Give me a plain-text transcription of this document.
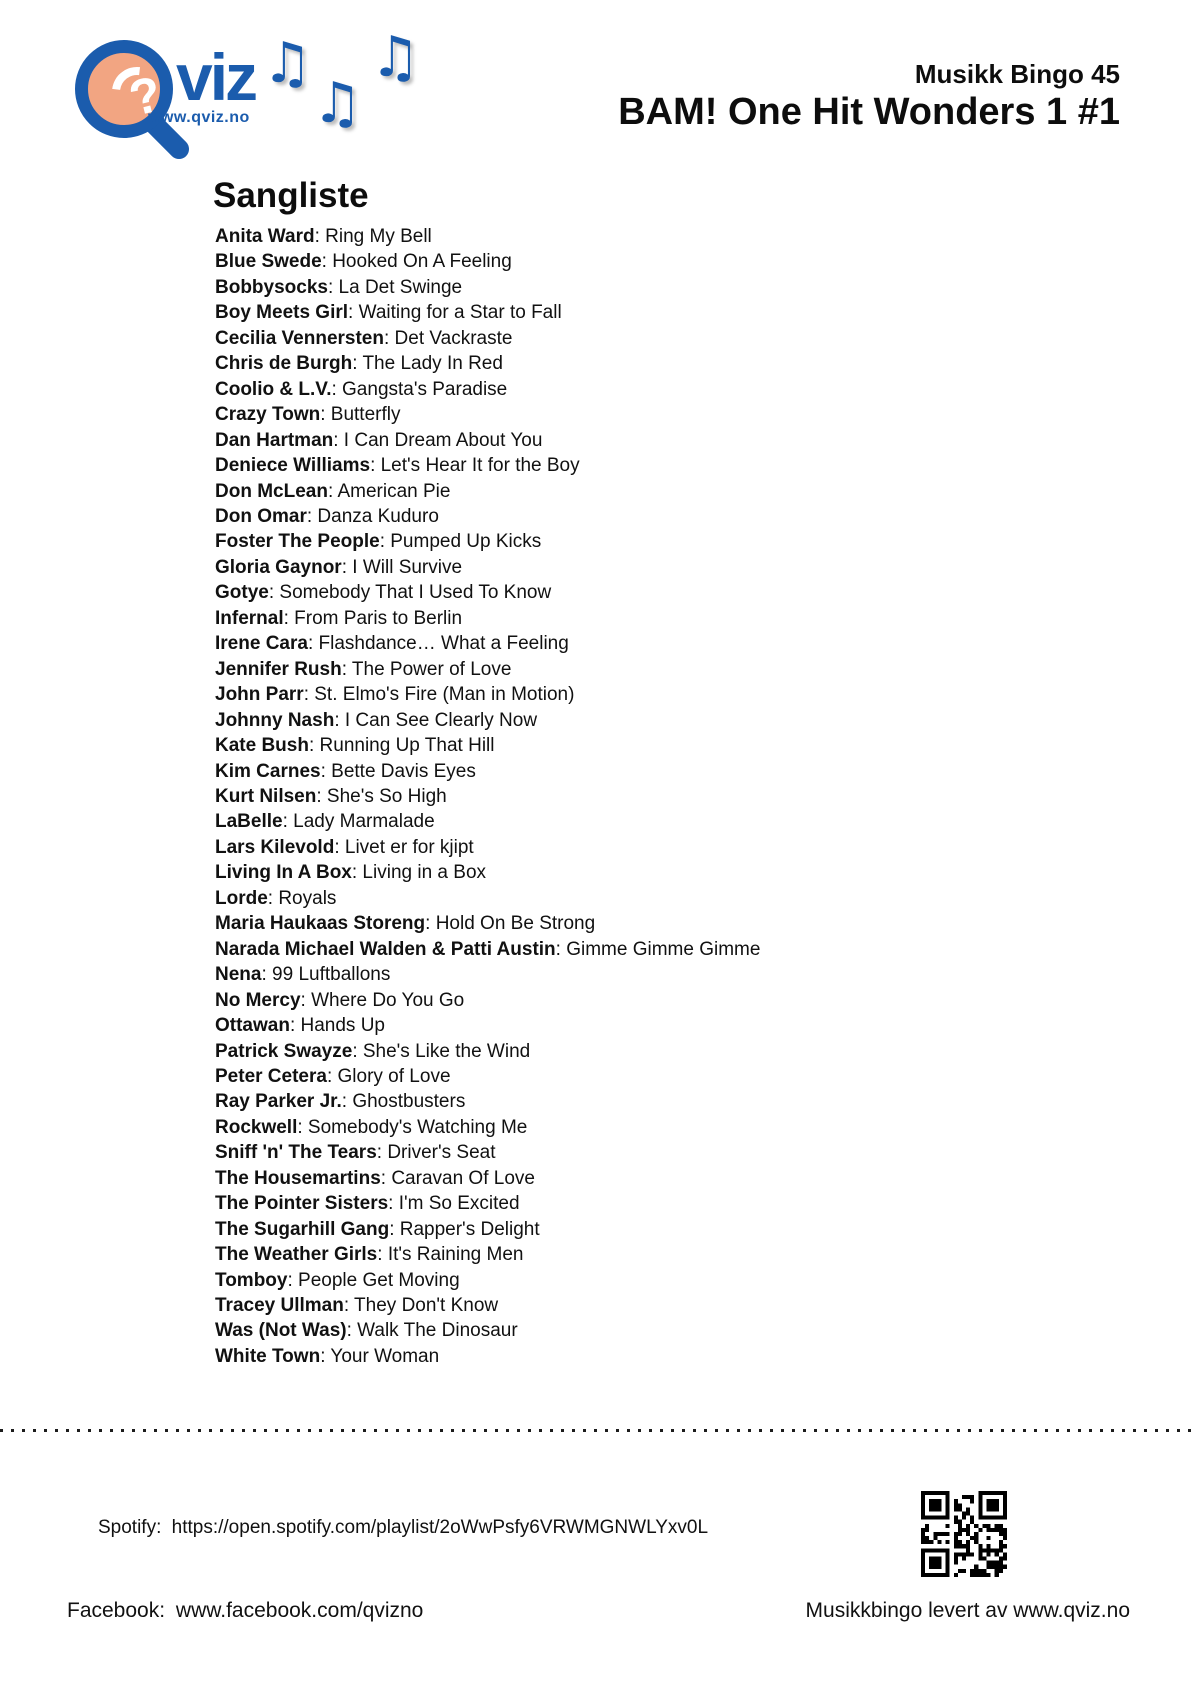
? viz
www.qviz.no
♫
♫
♫	Musikk Bingo 45
BAM! One Hit Wonders 1 #1
Sangliste
Anita Ward: Ring My Bell
Blue Swede: Hooked On A Feeling
Bobbysocks: La Det Swinge
Boy Meets Girl: Waiting for a Star to Fall
Cecilia Vennersten: Det Vackraste
Chris de Burgh: The Lady In Red
Coolio & L.V.: Gangsta's Paradise
Crazy Town: Butterfly
Dan Hartman: I Can Dream About You
Deniece Williams: Let's Hear It for the Boy
Don McLean: American Pie
Don Omar: Danza Kuduro
Foster The People: Pumped Up Kicks
Gloria Gaynor: I Will Survive
Gotye: Somebody That I Used To Know
Infernal: From Paris to Berlin
Irene Cara: Flashdance… What a Feeling
Jennifer Rush: The Power of Love
John Parr: St. Elmo's Fire (Man in Motion)
Johnny Nash: I Can See Clearly Now
Kate Bush: Running Up That Hill
Kim Carnes: Bette Davis Eyes
Kurt Nilsen: She's So High
LaBelle: Lady Marmalade
Lars Kilevold: Livet er for kjipt
Living In A Box: Living in a Box
Lorde: Royals
Maria Haukaas Storeng: Hold On Be Strong
Narada Michael Walden & Patti Austin: Gimme Gimme Gimme
Nena: 99 Luftballons
No Mercy: Where Do You Go
Ottawan: Hands Up
Patrick Swayze: She's Like the Wind
Peter Cetera: Glory of Love
Ray Parker Jr.: Ghostbusters
Rockwell: Somebody's Watching Me
Sniff 'n' The Tears: Driver's Seat
The Housemartins: Caravan Of Love
The Pointer Sisters: I'm So Excited
The Sugarhill Gang: Rapper's Delight
The Weather Girls: It's Raining Men
Tomboy: People Get Moving
Tracey Ullman: They Don't Know
Was (Not Was): Walk The Dinosaur
White Town: Your Woman
Spotify: https://open.spotify.com/playlist/2oWwPsfy6VRWMGNWLYxv0L
Facebook: www.facebook.com/qvizno	Musikkbingo levert av www.qviz.no
